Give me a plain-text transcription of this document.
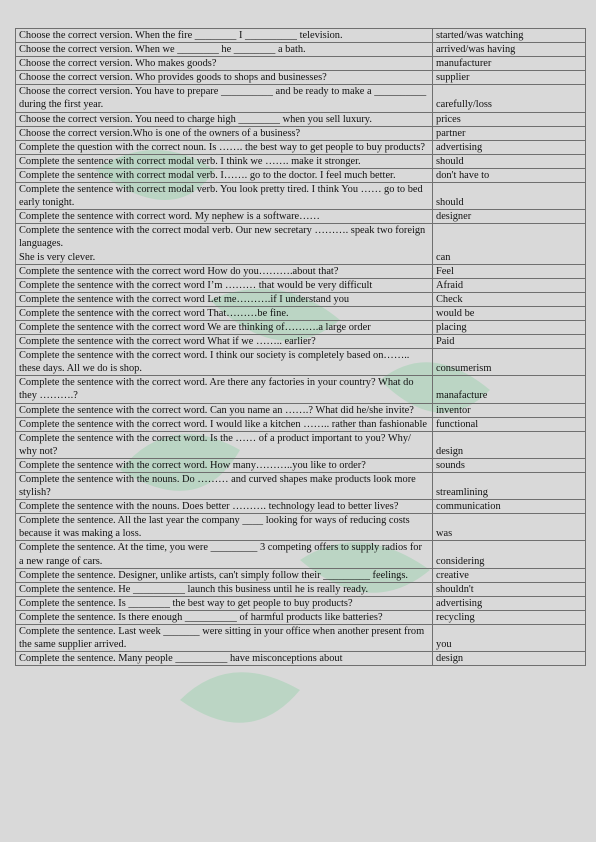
Choose the correct version. When the fire ________ I __________ television.	started/was watching
Choose the correct version. When we ________ he ________ a bath.	arrived/was having
Choose the correct version. Who makes goods?	manufacturer
Choose the correct version. Who provides goods to shops and businesses?	supplier
Choose the correct version. You have to prepare __________ and be ready to make a __________ during the first year.	carefully/loss
Choose the correct version. You need to charge high ________ when you sell luxury.	prices
Choose the correct version.Who is one of the owners of a business?	partner
Complete the question with the correct noun. Is ……. the best way to get people to buy products?	advertising
Complete the sentence with correct modal verb. I think we ……. make it stronger.	should
Complete the sentence with correct modal verb. I……. go to the doctor. I feel much better.	don't have to
Complete the sentence with correct modal verb. You look pretty tired. I think You …… go to bed early tonight.	should
Complete the sentence with correct word. My nephew is a software……	designer
Complete the sentence with the correct modal verb. Our new secretary ………. speak two foreign languages.
She is very clever.	can
Complete the sentence with the correct word How do you……….about that?	Feel
Complete the sentence with the correct word I’m ……… that would be very difficult	Afraid
Complete the sentence with the correct word Let me……….if I understand you	Check
Complete the sentence with the correct word That………be fine.	would be
Complete the sentence with the correct word We are thinking of……….a large order	placing
Complete the sentence with the correct word What if we …….. earlier?	Paid
Complete the sentence with the correct word. I think our society is completely based on…….. these days. All we do is shop.	consumerism
Complete the sentence with the correct word. Are there any factories in your country? What do they ……….?	manafacture
Complete the sentence with the correct word. Can you name an …….? What did he/she invite?	inventor
Complete the sentence with the correct word. I would like a kitchen …….. rather than fashionable	functional
Complete the sentence with the correct word. Is the …… of a product important to you? Why/ why not?	design
Complete the sentence with the correct word. How many………..you like to order?	sounds
Complete the sentence with the nouns. Do ……… and curved shapes make products look more stylish?	streamlining
Complete the sentence with the nouns. Does better ………. technology lead to better lives?	communication
Complete the sentence. All the last year the company ____ looking for ways of reducing costs because it was making a loss.	was
Complete the sentence. At the time, you were _________ 3 competing offers to supply radios for a new range of cars.	considering
Complete the sentence. Designer, unlike artists, can't simply follow their _________ feelings.	creative
Complete the sentence. He __________ launch this business until he is really ready.	shouldn't
Complete the sentence. Is ________ the best way to get people to buy products?	advertising
Complete the sentence. Is there enough __________ of harmful products like batteries?	recycling
Complete the sentence. Last week _______ were sitting in your office when another present from the same supplier arrived.	you
Complete the sentence. Many people __________ have misconceptions about	design
